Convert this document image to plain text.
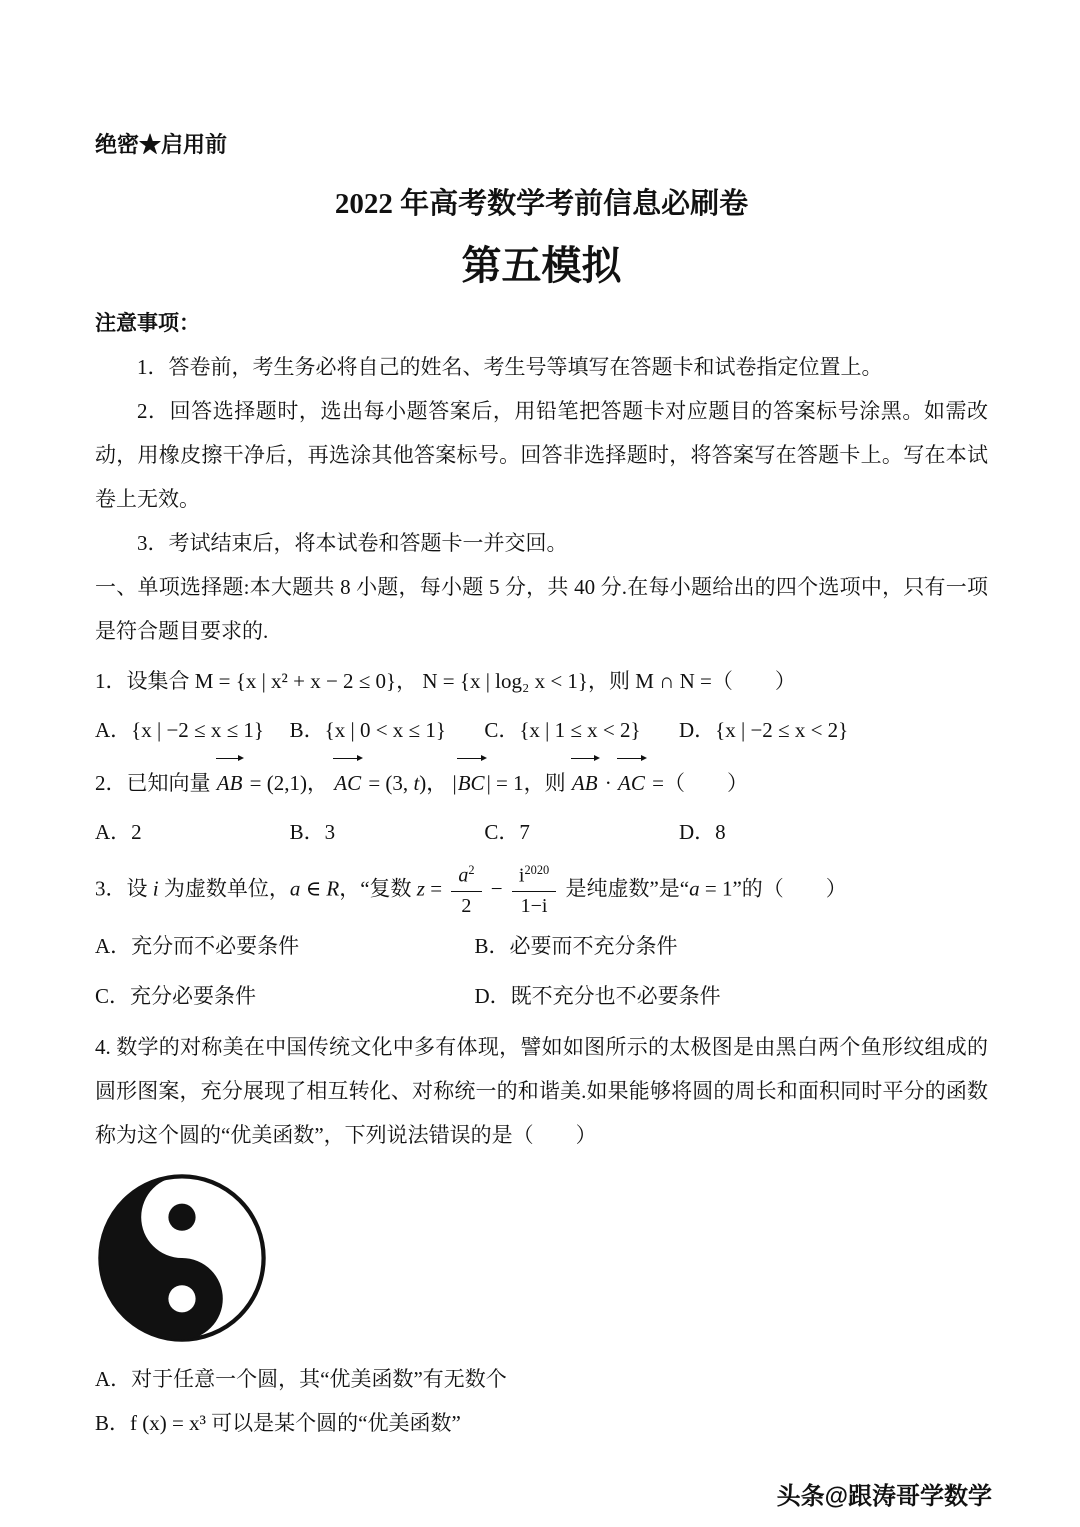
绝密★启用前
2022 年高考数学考前信息必刷卷
第五模拟
注意事项：

1．答卷前，考生务必将自己的姓名、考生号等填写在答题卡和试卷指定位置上。

2．回答选择题时，选出每小题答案后，用铅笔把答题卡对应题目的答案标号涂黑。如需改动，用橡皮擦干净后，再选涂其他答案标号。回答非选择题时，将答案写在答题卡上。写在本试卷上无效。

3．考试结束后，将本试卷和答题卡一并交回。

一、单项选择题:本大题共 8 小题，每小题 5 分，共 40 分.在每小题给出的四个选项中，只有一项是符合题目要求的.

1．设集合 M = {x | x² + x − 2 ≤ 0}， N = {x | log₂ x < 1}，则 M ∩ N =（　　）

A．{x | −2 ≤ x ≤ 1}	B．{x | 0 < x ≤ 1}	C．{x | 1 ≤ x < 2}	D．{x | −2 ≤ x < 2}

2．已知向量 AB = (2,1)， AC = (3, t)， |BC| = 1，则 AB · AC =（　　）

A．2	B．3	C．7	D．8

3．设 i 为虚数单位，a ∈ R，“复数 $z = \frac{a^2}{2} - \frac{i^{2020}}{1-i}$ 是纯虚数”是“a = 1”的（　　）

A．充分而不必要条件	B．必要而不充分条件
C．充分必要条件	D．既不充分也不必要条件

4. 数学的对称美在中国传统文化中多有体现，譬如如图所示的太极图是由黑白两个鱼形纹组成的圆形图案，充分展现了相互转化、对称统一的和谐美.如果能够将圆的周长和面积同时平分的函数称为这个圆的“优美函数”，下列说法错误的是（　　）

A．对于任意一个圆，其“优美函数”有无数个

B．f (x) = x³ 可以是某个圆的“优美函数”

头条@跟涛哥学数学
